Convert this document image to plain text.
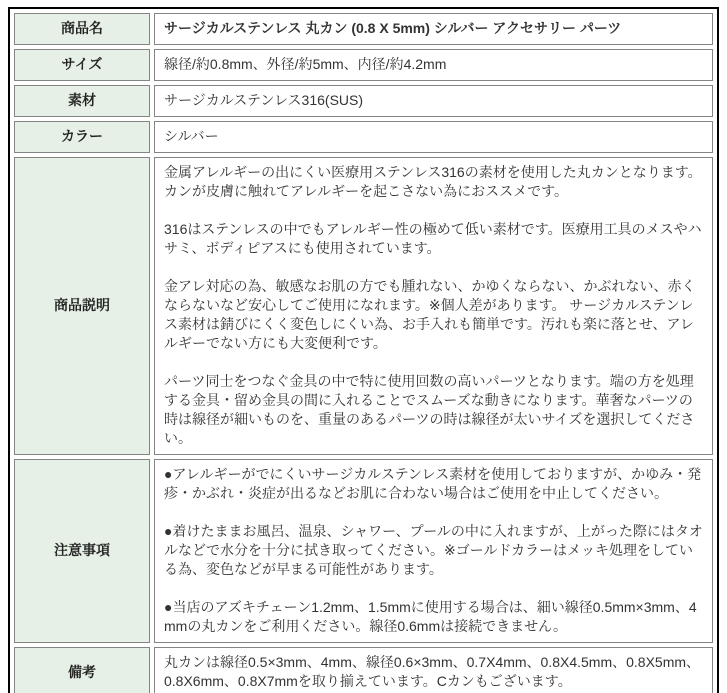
商品名	サージカルステンレス 丸カン (0.8 X 5mm) シルバー アクセサリー パーツ

サイズ	線径/約0.8mm、外径/約5mm、内径/約4.2mm

素材	サージカルステンレス316(SUS)

カラー	シルバー

商品説明	金属アレルギーの出にくい医療用ステンレス316の素材を使用した丸カンとなります。カンが皮膚に触れてアレルギーを起こさない為におススメです。
316はステンレスの中でもアレルギー性の極めて低い素材です。医療用工具のメスやハサミ、ボディピアスにも使用されています。
金アレ対応の為、敏感なお肌の方でも腫れない、かゆくならない、かぶれない、赤くならないなど安心してご使用になれます。※個人差があります。 サージカルステンレス素材は錆びにくく変色しにくい為、お手入れも簡単です。汚れも楽に落とせ、アレルギーでない方にも大変便利です。
パーツ同士をつなぐ金具の中で特に使用回数の高いパーツとなります。端の方を処理する金具・留め金具の間に入れることでスムーズな動きになります。華奢なパーツの時は線径が細いものを、重量のあるパーツの時は線径が太いサイズを選択してください。

注意事項	●アレルギーがでにくいサージカルステンレス素材を使用しておりますが、かゆみ・発疹・かぶれ・炎症が出るなどお肌に合わない場合はご使用を中止してください。
●着けたままお風呂、温泉、シャワー、プールの中に入れますが、上がった際にはタオルなどで水分を十分に拭き取ってください。※ゴールドカラーはメッキ処理をしている為、変色などが早まる可能性があります。
●当店のアズキチェーン1.2mm、1.5mmに使用する場合は、細い線径0.5mm×3mm、4mmの丸カンをご利用ください。線径0.6mmは接続できません。

備考	丸カンは線径0.5×3mm、4mm、線径0.6×3mm、0.7X4mm、0.8X4.5mm、0.8X5mm、0.8X6mm、0.8X7mmを取り揃えています。Cカンもございます。
